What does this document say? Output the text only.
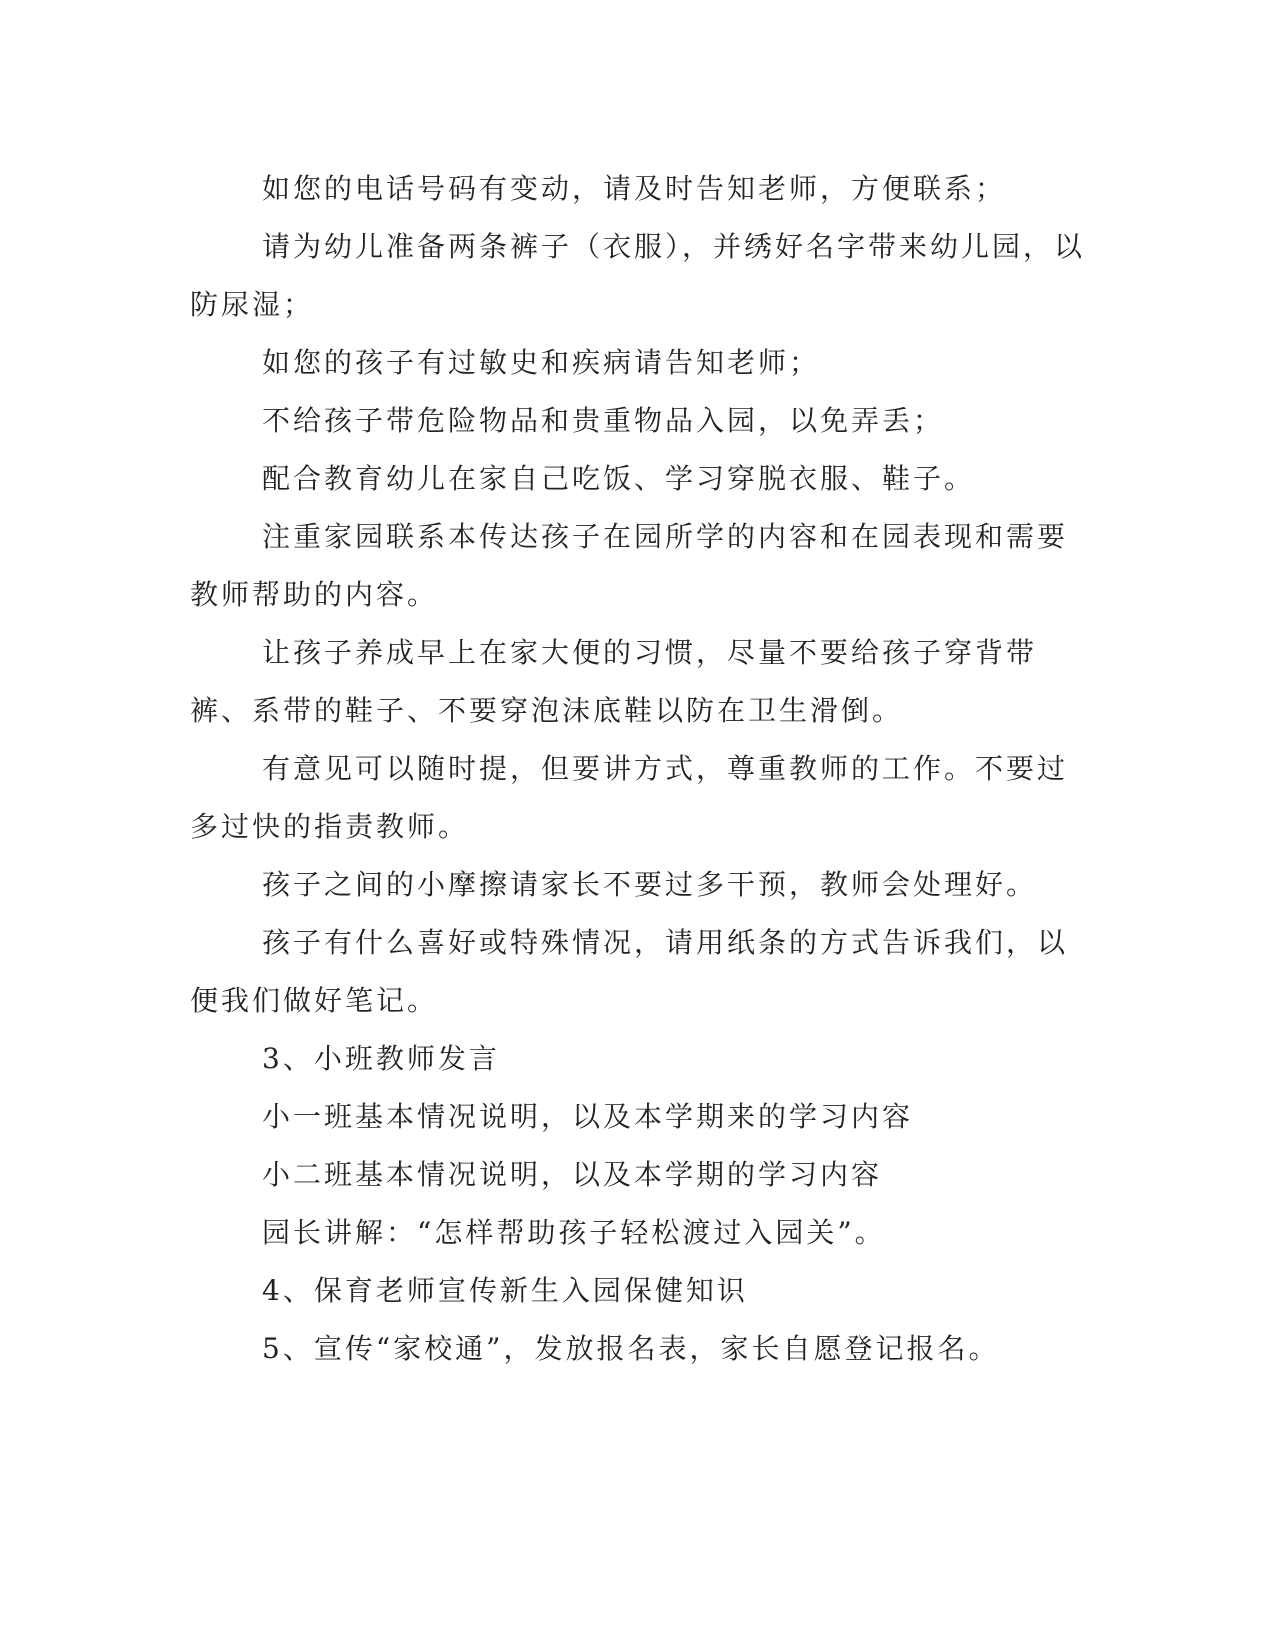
如您的电话号码有变动，请及时告知老师，方便联系；

请为幼儿准备两条裤子（衣服），并绣好名字带来幼儿园，以防尿湿；

如您的孩子有过敏史和疾病请告知老师；

不给孩子带危险物品和贵重物品入园，以免弄丢；

配合教育幼儿在家自己吃饭、学习穿脱衣服、鞋子。

注重家园联系本传达孩子在园所学的内容和在园表现和需要教师帮助的内容。

让孩子养成早上在家大便的习惯，尽量不要给孩子穿背带裤、系带的鞋子、不要穿泡沫底鞋以防在卫生滑倒。

有意见可以随时提，但要讲方式，尊重教师的工作。不要过多过快的指责教师。

孩子之间的小摩擦请家长不要过多干预，教师会处理好。

孩子有什么喜好或特殊情况，请用纸条的方式告诉我们，以便我们做好笔记。

3、小班教师发言

小一班基本情况说明，以及本学期来的学习内容

小二班基本情况说明，以及本学期的学习内容

园长讲解：“怎样帮助孩子轻松渡过入园关”。

4、保育老师宣传新生入园保健知识

5、宣传“家校通”，发放报名表，家长自愿登记报名。
